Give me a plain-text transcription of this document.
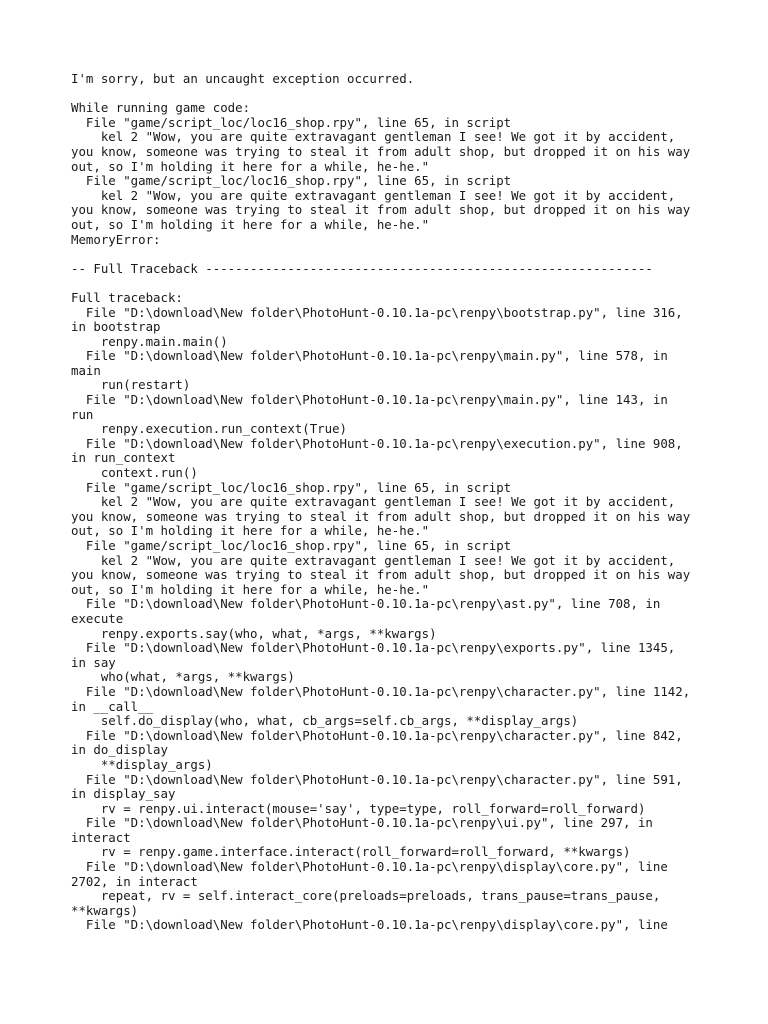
I'm sorry, but an uncaught exception occurred.
While running game code:
File "game/script_loc/loc16_shop.rpy", line 65, in script
kel 2 "Wow, you are quite extravagant gentleman I see! We got it by accident,
you know, someone was trying to steal it from adult shop, but dropped it on his way
out, so I'm holding it here for a while, he-he."
File "game/script_loc/loc16_shop.rpy", line 65, in script
kel 2 "Wow, you are quite extravagant gentleman I see! We got it by accident,
you know, someone was trying to steal it from adult shop, but dropped it on his way
out, so I'm holding it here for a while, he-he."
MemoryError:
-- Full Traceback ------------------------------------------------------------
Full traceback:
File "D:\download\New folder\PhotoHunt-0.10.1a-pc\renpy\bootstrap.py", line 316,
in bootstrap
renpy.main.main()
File "D:\download\New folder\PhotoHunt-0.10.1a-pc\renpy\main.py", line 578, in
main
run(restart)
File "D:\download\New folder\PhotoHunt-0.10.1a-pc\renpy\main.py", line 143, in
run
renpy.execution.run_context(True)
File "D:\download\New folder\PhotoHunt-0.10.1a-pc\renpy\execution.py", line 908,
in run_context
context.run()
File "game/script_loc/loc16_shop.rpy", line 65, in script
kel 2 "Wow, you are quite extravagant gentleman I see! We got it by accident,
you know, someone was trying to steal it from adult shop, but dropped it on his way
out, so I'm holding it here for a while, he-he."
File "game/script_loc/loc16_shop.rpy", line 65, in script
kel 2 "Wow, you are quite extravagant gentleman I see! We got it by accident,
you know, someone was trying to steal it from adult shop, but dropped it on his way
out, so I'm holding it here for a while, he-he."
File "D:\download\New folder\PhotoHunt-0.10.1a-pc\renpy\ast.py", line 708, in
execute
renpy.exports.say(who, what, *args, **kwargs)
File "D:\download\New folder\PhotoHunt-0.10.1a-pc\renpy\exports.py", line 1345,
in say
who(what, *args, **kwargs)
File "D:\download\New folder\PhotoHunt-0.10.1a-pc\renpy\character.py", line 1142,
in __call__
self.do_display(who, what, cb_args=self.cb_args, **display_args)
File "D:\download\New folder\PhotoHunt-0.10.1a-pc\renpy\character.py", line 842,
in do_display
**display_args)
File "D:\download\New folder\PhotoHunt-0.10.1a-pc\renpy\character.py", line 591,
in display_say
rv = renpy.ui.interact(mouse='say', type=type, roll_forward=roll_forward)
File "D:\download\New folder\PhotoHunt-0.10.1a-pc\renpy\ui.py", line 297, in
interact
rv = renpy.game.interface.interact(roll_forward=roll_forward, **kwargs)
File "D:\download\New folder\PhotoHunt-0.10.1a-pc\renpy\display\core.py", line
2702, in interact
repeat, rv = self.interact_core(preloads=preloads, trans_pause=trans_pause,
**kwargs)
File "D:\download\New folder\PhotoHunt-0.10.1a-pc\renpy\display\core.py", line
